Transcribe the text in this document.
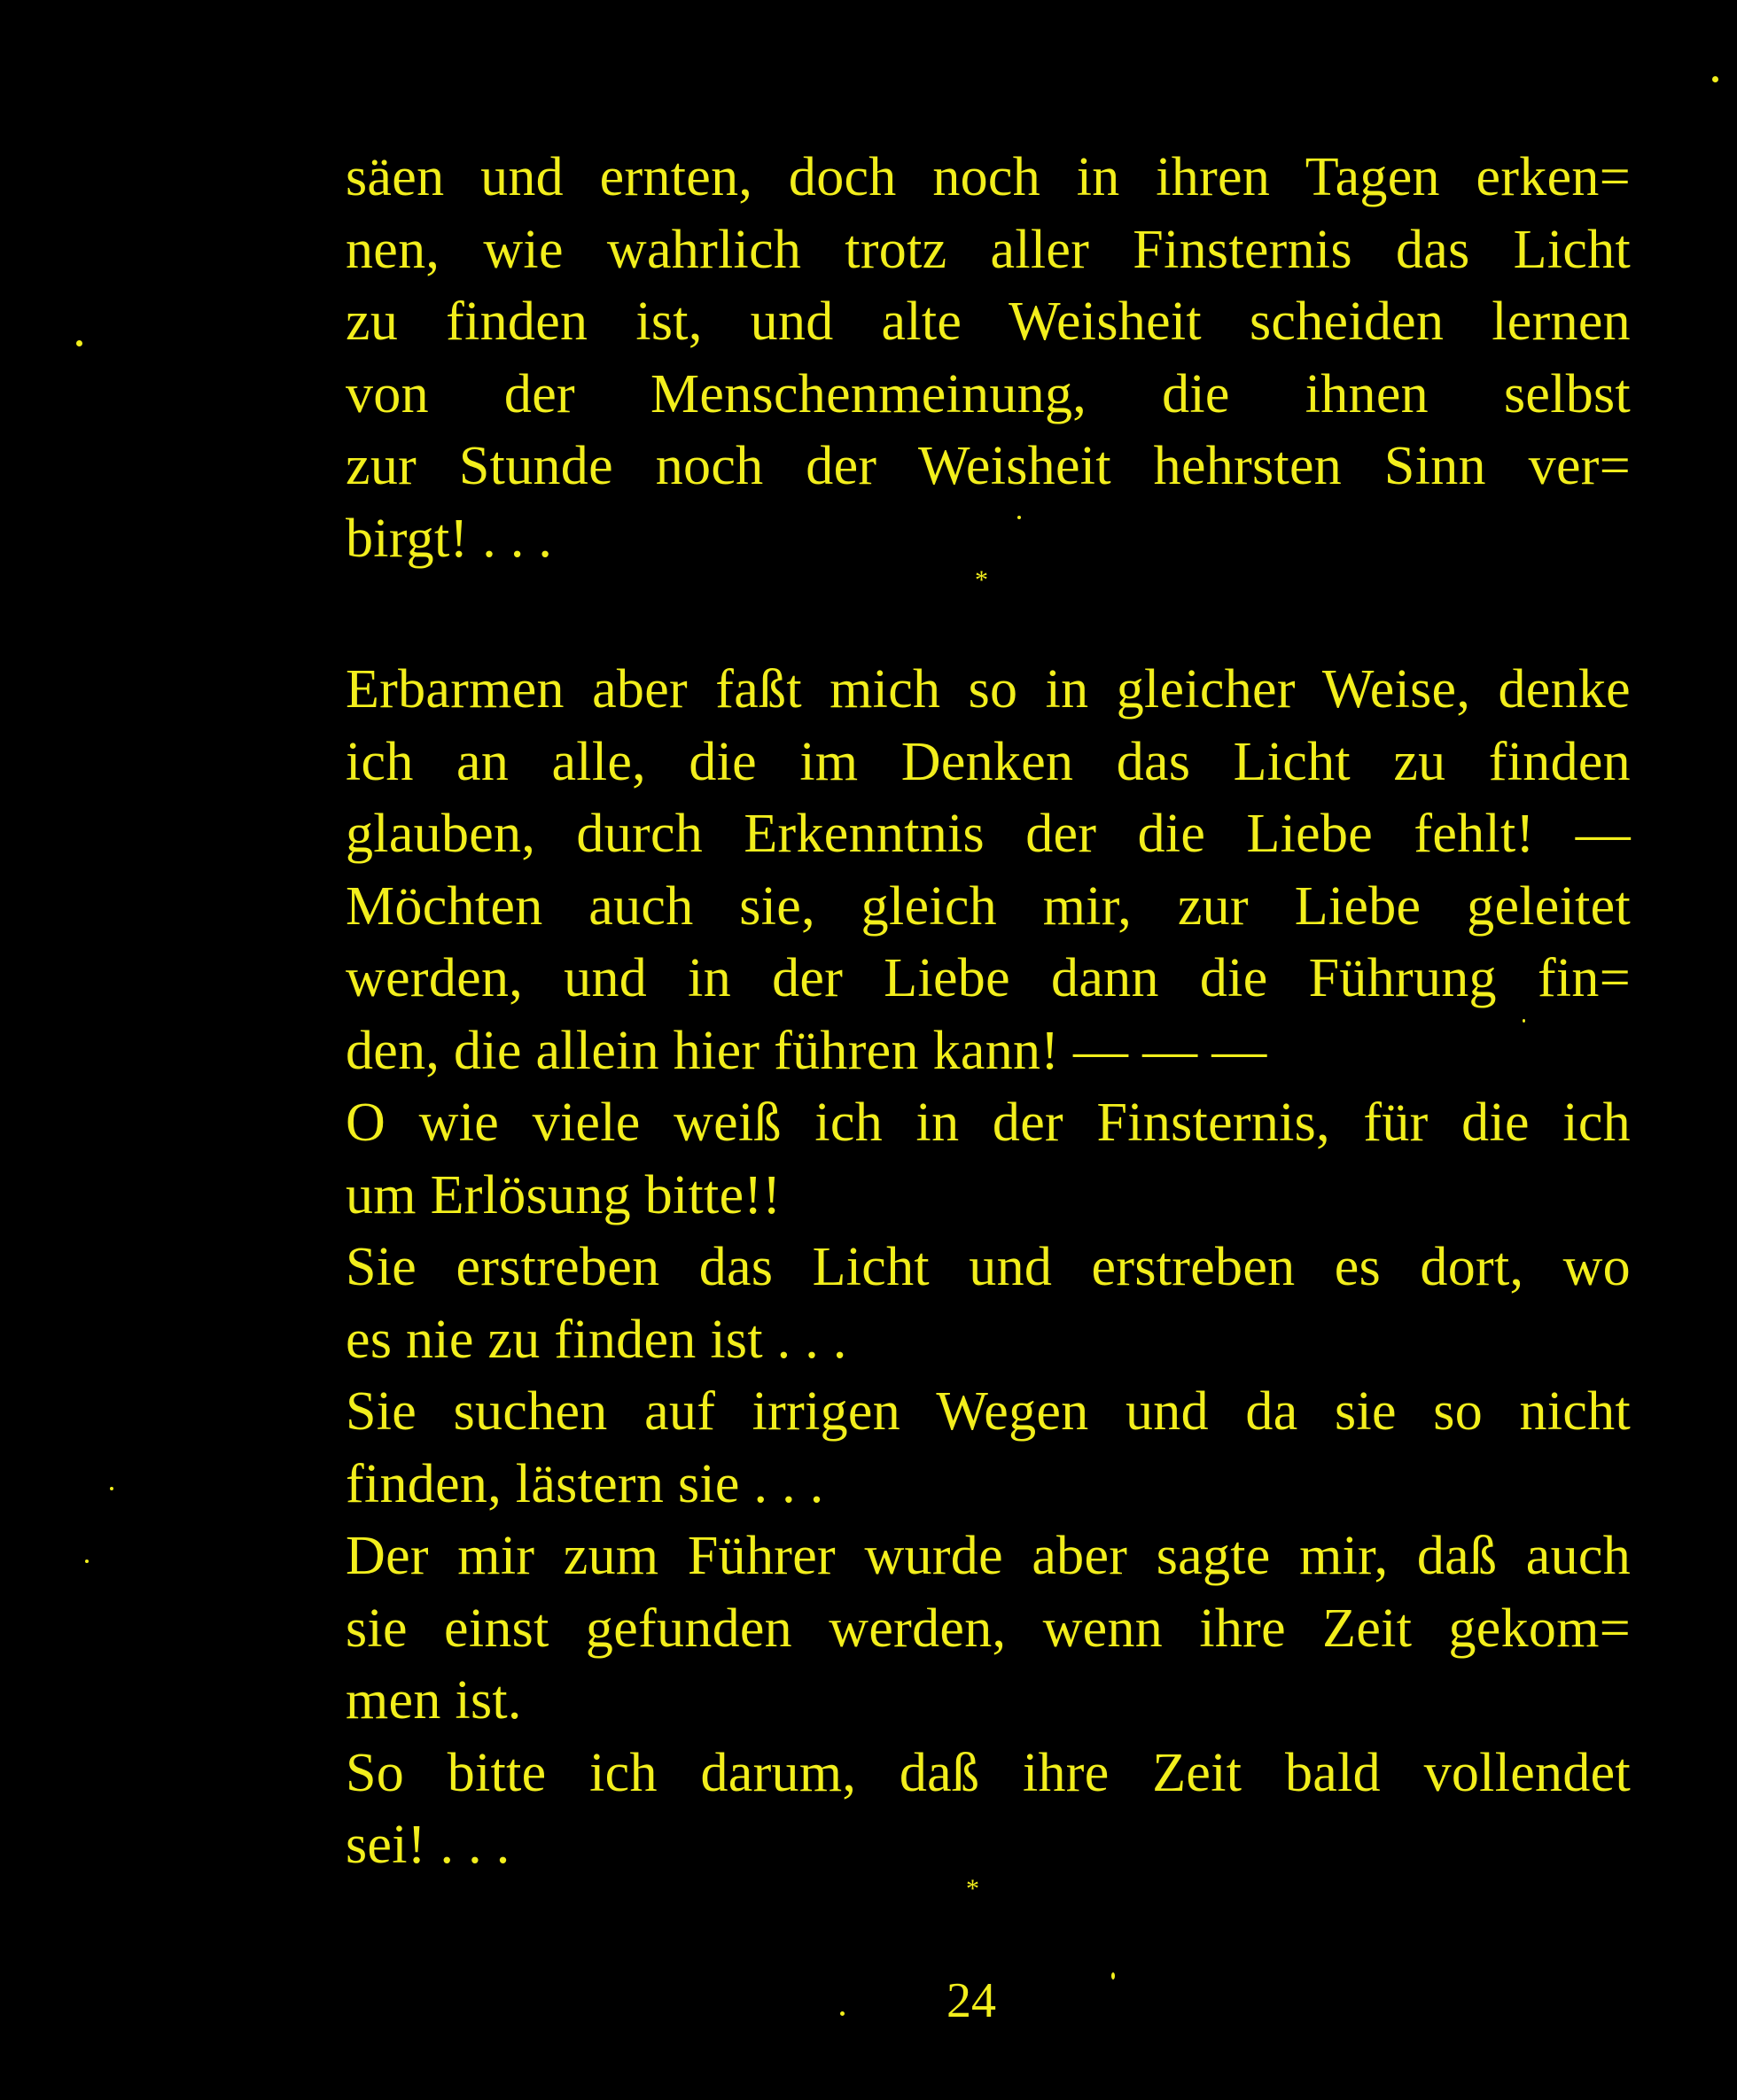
säen und ernten, doch noch in ihren Tagen erken=
nen, wie wahrlich trotz aller Finsternis das Licht
zu finden ist, und alte Weisheit scheiden lernen
von der Menschenmeinung, die ihnen selbst
zur Stunde noch der Weisheit hehrsten Sinn ver=
birgt! . . .
*
Erbarmen aber faßt mich so in gleicher Weise, denke
ich an alle, die im Denken das Licht zu finden
glauben, durch Erkenntnis der die Liebe fehlt! —
Möchten auch sie, gleich mir, zur Liebe geleitet
werden, und in der Liebe dann die Führung fin=
den, die allein hier führen kann! — — —
O wie viele weiß ich in der Finsternis, für die ich
um Erlösung bitte!!
Sie erstreben das Licht und erstreben es dort, wo
es nie zu finden ist . . .
Sie suchen auf irrigen Wegen und da sie so nicht
finden, lästern sie . . .
Der mir zum Führer wurde aber sagte mir, daß auch
sie einst gefunden werden, wenn ihre Zeit gekom=
men ist.
So bitte ich darum, daß ihre Zeit bald vollendet
sei! . . .
*
24
